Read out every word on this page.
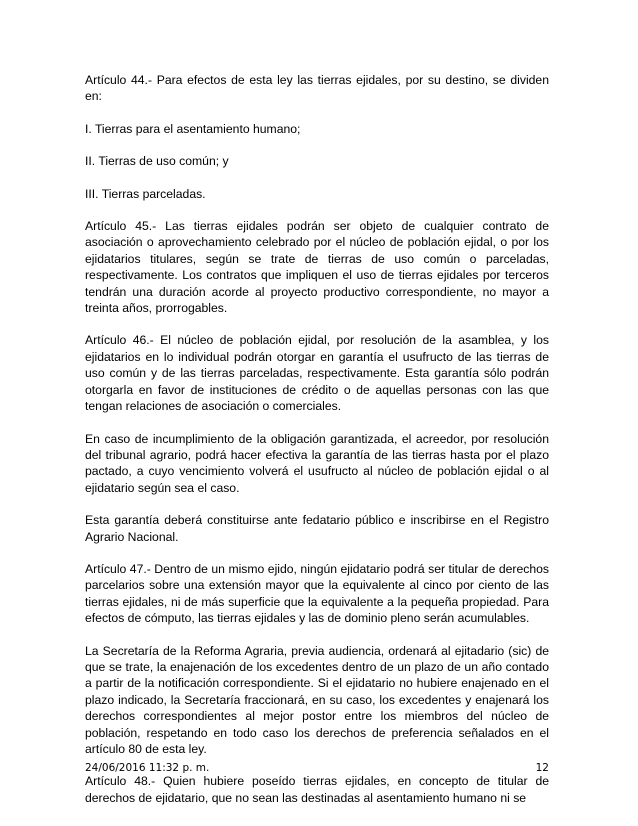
Artículo 44.- Para efectos de esta ley las tierras ejidales, por su destino, se dividen en:

I. Tierras para el asentamiento humano;

II. Tierras de uso común; y

III. Tierras parceladas.

Artículo 45.- Las tierras ejidales podrán ser objeto de cualquier contrato de asociación o aprovechamiento celebrado por el núcleo de población ejidal, o por los ejidatarios titulares, según se trate de tierras de uso común o parceladas, respectivamente. Los contratos que impliquen el uso de tierras ejidales por terceros tendrán una duración acorde al proyecto productivo correspondiente, no mayor a treinta años, prorrogables.

Artículo 46.- El núcleo de población ejidal, por resolución de la asamblea, y los ejidatarios en lo individual podrán otorgar en garantía el usufructo de las tierras de uso común y de las tierras parceladas, respectivamente. Esta garantía sólo podrán otorgarla en favor de instituciones de crédito o de aquellas personas con las que tengan relaciones de asociación o comerciales.

En caso de incumplimiento de la obligación garantizada, el acreedor, por resolución del tribunal agrario, podrá hacer efectiva la garantía de las tierras hasta por el plazo pactado, a cuyo vencimiento volverá el usufructo al núcleo de población ejidal o al ejidatario según sea el caso.

Esta garantía deberá constituirse ante fedatario público e inscribirse en el Registro Agrario Nacional.

Artículo 47.- Dentro de un mismo ejido, ningún ejidatario podrá ser titular de derechos parcelarios sobre una extensión mayor que la equivalente al cinco por ciento de las tierras ejidales, ni de más superficie que la equivalente a la pequeña propiedad. Para efectos de cómputo, las tierras ejidales y las de dominio pleno serán acumulables.

La Secretaría de la Reforma Agraria, previa audiencia, ordenará al ejitadario (sic) de que se trate, la enajenación de los excedentes dentro de un plazo de un año contado a partir de la notificación correspondiente. Si el ejidatario no hubiere enajenado en el plazo indicado, la Secretaría fraccionará, en su caso, los excedentes y enajenará los derechos correspondientes al mejor postor entre los miembros del núcleo de población, respetando en todo caso los derechos de preferencia señalados en el artículo 80 de esta ley.

Artículo 48.- Quien hubiere poseído tierras ejidales, en concepto de titular de derechos de ejidatario, que no sean las destinadas al asentamiento humano ni se

24/06/2016 11:32 p. m.	12
